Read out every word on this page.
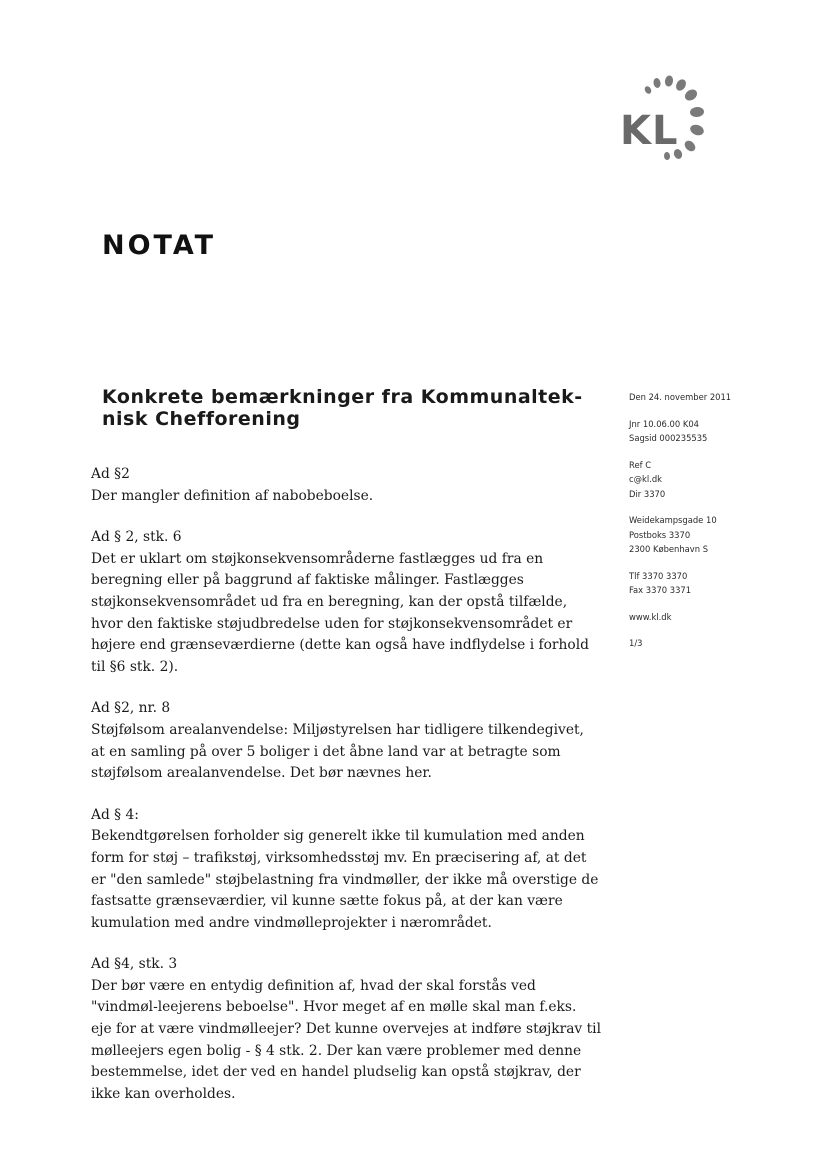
KL
NOTAT
Konkrete bemærkninger fra Kommunaltek-nisk Chefforening
Ad §2
Der mangler definition af nabobeboelse.
Ad § 2, stk. 6
Det er uklart om støjkonsekvensområderne fastlægges ud fra en beregning eller på baggrund af faktiske målinger. Fastlægges støjkonsekvensområdet ud fra en beregning, kan der opstå tilfælde, hvor den faktiske støjudbredelse uden for støjkonsekvensområdet er højere end grænseværdierne (dette kan også have indflydelse i forhold til §6 stk. 2).
Ad §2, nr. 8
Støjfølsom arealanvendelse: Miljøstyrelsen har tidligere tilkendegivet, at en samling på over 5 boliger i det åbne land var at betragte som støjfølsom arealanvendelse. Det bør nævnes her.
Ad § 4:
Bekendtgørelsen forholder sig generelt ikke til kumulation med anden form for støj – trafikstøj, virksomhedsstøj mv. En præcisering af, at det er "den samlede" støjbelastning fra vindmøller, der ikke må overstige de fastsatte grænseværdier, vil kunne sætte fokus på, at der kan være kumulation med andre vindmølleprojekter i nærområdet.
Ad §4, stk. 3
Der bør være en entydig definition af, hvad der skal forstås ved "vindmøl-leejerens beboelse". Hvor meget af en mølle skal man f.eks. eje for at være vindmølleejer? Det kunne overvejes at indføre støjkrav til mølleejers egen bolig - § 4 stk. 2. Der kan være problemer med denne bestemmelse, idet der ved en handel pludselig kan opstå støjkrav, der ikke kan overholdes.
Den 24. november 2011
Jnr 10.06.00 K04
Sagsid 000235535
Ref C
c@kl.dk
Dir 3370
Weidekampsgade 10
Postboks 3370
2300 København S
Tlf 3370 3370
Fax 3370 3371
www.kl.dk
1/3
